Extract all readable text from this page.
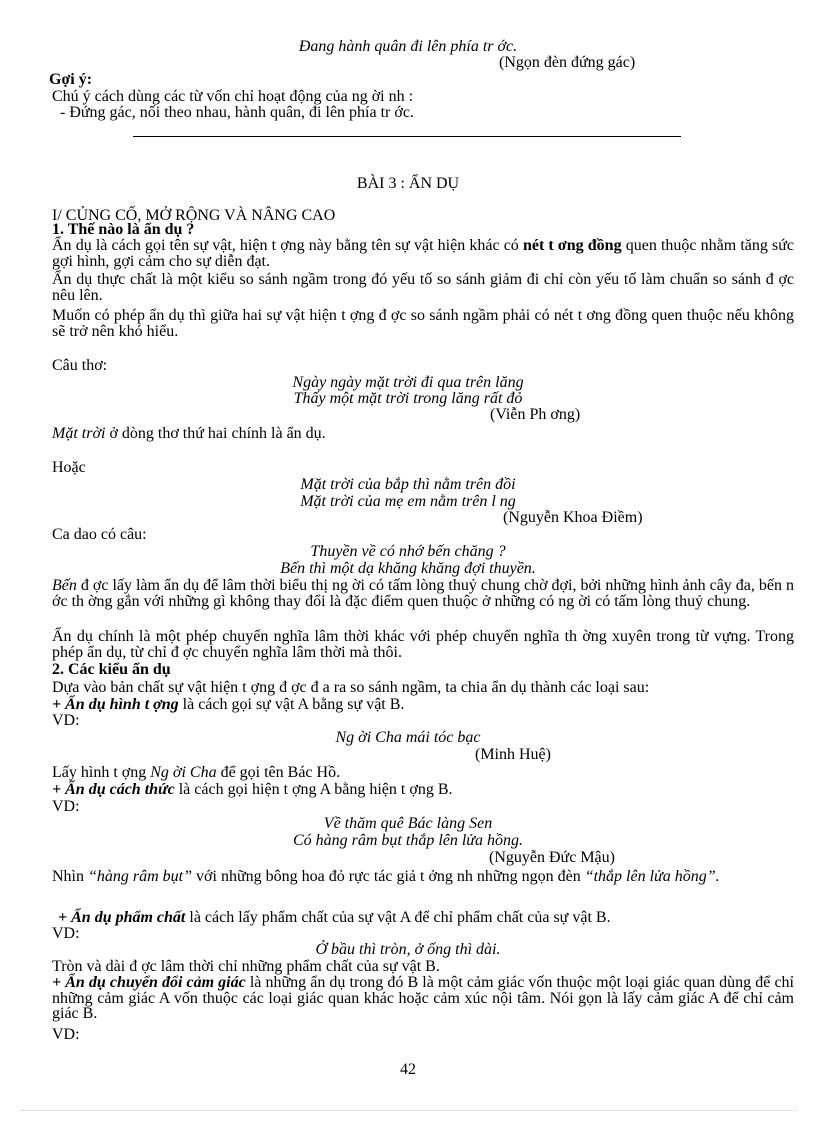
Đang hành quân đi lên phía tr ớc.
(Ngọn đèn đứng gác)
Gợi ý:
Chú ý cách dùng các từ vốn chỉ hoạt động của ng ời nh :
- Đứng gác, nối theo nhau, hành quân, đi lên phía tr ớc.
BÀI 3 : ẨN DỤ
I/ CỦNG CỐ, MỞ RỘNG VÀ NÂNG CAO
1. Thế nào là ẩn dụ ?
Ẩn dụ là cách gọi tên sự vật, hiện t ợng này bằng tên sự vật hiện khác có nét t ơng đồng quen thuộc nhằm tăng sức gợi hình, gợi cảm cho sự diễn đạt.
Ẩn dụ thực chất là một kiểu so sánh ngầm trong đó yếu tố so sánh giảm đi chỉ còn yếu tố làm chuẩn so sánh đ ợc nêu lên.
Muốn có phép ẩn dụ thì giữa hai sự vật hiện t ợng đ ợc so sánh ngầm phải có nét t ơng đồng quen thuộc nếu không sẽ trở nên khó hiểu.
Câu thơ:
Ngày ngày mặt trời đi qua trên lăng
Thấy một mặt trời trong lăng rất đỏ
(Viễn Ph ơng)
Mặt trời ở dòng thơ thứ hai chính là ẩn dụ.
Hoặc
Mặt trời của bắp thì nằm trên đồi
Mặt trời của mẹ em nằm trên l ng
(Nguyễn Khoa Điềm)
Ca dao có câu:
Thuyền về có nhớ bến chăng ?
Bến thì một dạ khăng khăng đợi thuyền.
Bến đ ợc lấy làm ẩn dụ để lâm thời biểu thị ng ời có tấm lòng thuỷ chung chờ đợi, bởi những hình ảnh cây đa, bến n ớc th ờng gắn với những gì không thay đổi là đặc điểm quen thuộc ở những có ng ời có tấm lòng thuỷ chung.
Ẩn dụ chính là một phép chuyển nghĩa lâm thời khác với phép chuyển nghĩa th ờng xuyên trong từ vựng. Trong phép ẩn dụ, từ chỉ đ ợc chuyển nghĩa lâm thời mà thôi.
2. Các kiểu ẩn dụ
Dựa vào bản chất sự vật hiện t ợng đ ợc đ a ra so sánh ngầm, ta chia ẩn dụ thành các loại sau:
+ Ẩn dụ hình t ợng là cách gọi sự vật A bằng sự vật B.
VD:
Ng ời Cha mái tóc bạc
(Minh Huệ)
Lấy hình t ợng Ng ời Cha để gọi tên Bác Hồ.
+ Ẩn dụ cách thức là cách gọi hiện t ợng A bằng hiện t ợng B.
VD:
Về thăm quê Bác làng Sen
Có hàng râm bụt thắp lên lửa hồng.
(Nguyễn Đức Mậu)
Nhìn “hàng râm bụt” với những bông hoa đỏ rực tác giả t ởng nh những ngọn đèn “thắp lên lửa hồng”.
+ Ẩn dụ phẩm chất là cách lấy phẩm chất của sự vật A để chỉ phẩm chất của sự vật B.
VD:
Ở bầu thì tròn, ở ống thì dài.
Tròn và dài đ ợc lâm thời chỉ những phẩm chất của sự vật B.
+ Ẩn dụ chuyển đổi cảm giác là những ẩn dụ trong đó B là một cảm giác vốn thuộc một loại giác quan dùng để chỉ những cảm giác A vốn thuộc các loại giác quan khác hoặc cảm xúc nội tâm. Nói gọn là lấy cảm giác A để chỉ cảm giác B.
VD:
42
